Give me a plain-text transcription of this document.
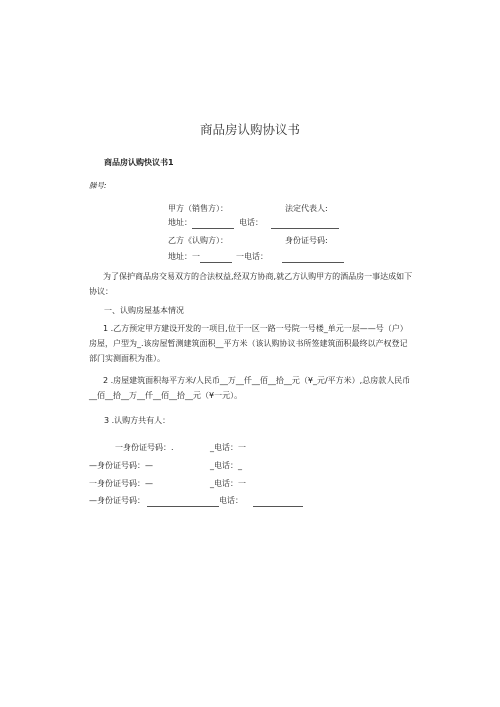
商品房认购协议书
商品房认购快议书1
臊号:
甲方（销售方）：	法定代表人:
地址：	电话：
乙方《认购方）：	身份证号码:
地址：一	一电话：
为了保护商品房交易双方的合法权益,经双方协商,就乙方认购甲方的酒品房一事达成如下协议：
一、认购房屋基本情况
1 .乙方预定甲方建设开发的一项目,位于一区一路一号院一号楼_单元一层——号（户）房屋，户型为_.该房屋暂测建筑面积__平方米（该认购协议书所签建筑面积最终以产权登记部门实测面积为准）。
2 .房屋建筑面积每平方米/人民币__万__仟__佰__拾__元（¥_元/平方米）,总房款人民币__佰__拾__万__仟__佰__拾__元（¥一元）。
3 .认购方共有人：
一身份证号码：.	_电话：一
—身份证号码：—	_电话：_
一身份证号码：—	_电话：一
—身份证号码：	电话：
